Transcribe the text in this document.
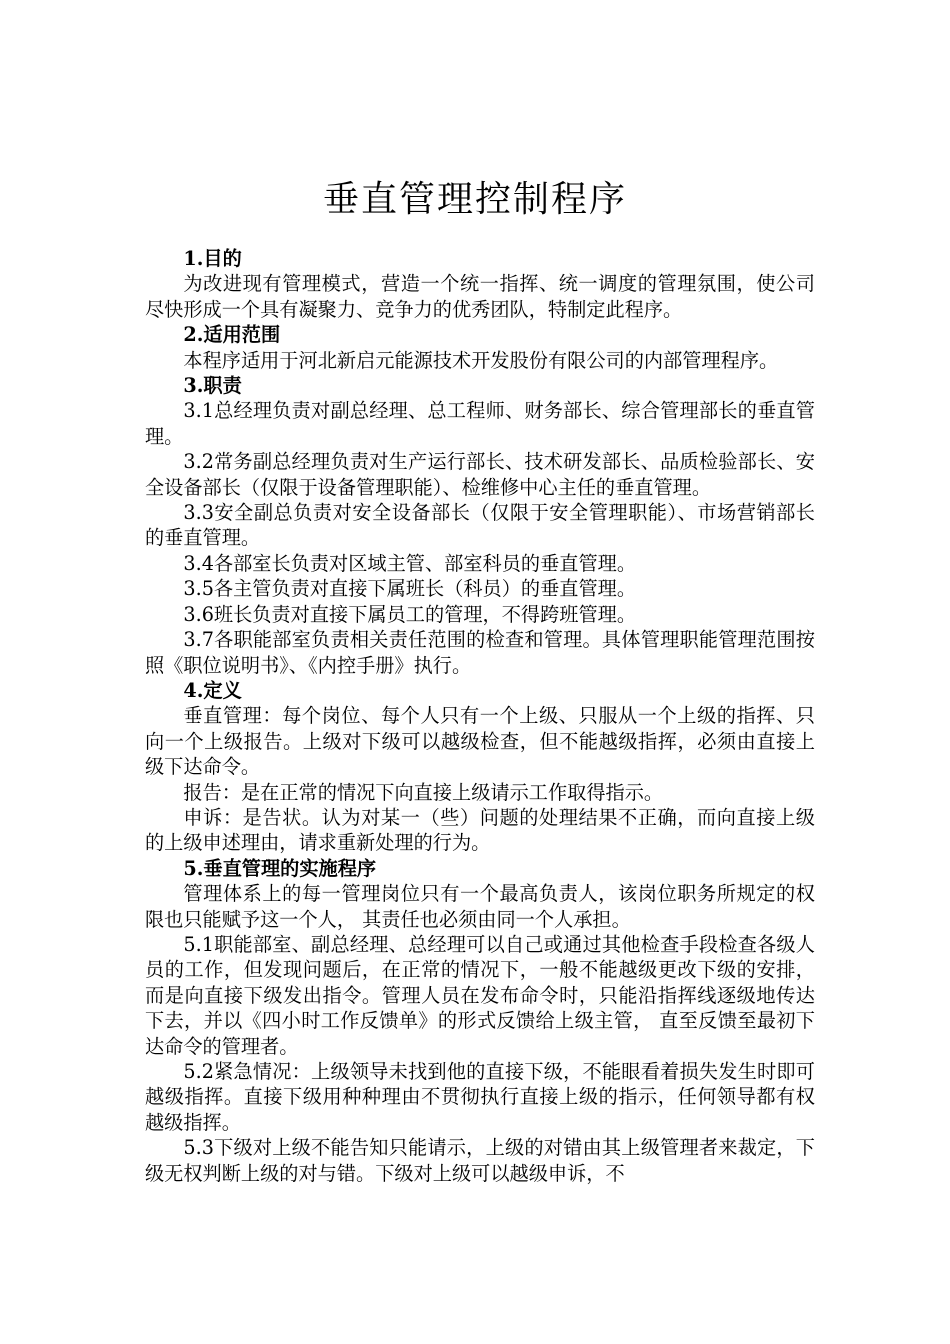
垂直管理控制程序
1.目的

为改进现有管理模式，营造一个统一指挥、统一调度的管理氛围，使公司尽快形成一个具有凝聚力、竞争力的优秀团队，特制定此程序。

2.适用范围

本程序适用于河北新启元能源技术开发股份有限公司的内部管理程序。

3.职责

3.1总经理负责对副总经理、总工程师、财务部长、综合管理部长的垂直管理。

3.2常务副总经理负责对生产运行部长、技术研发部长、品质检验部长、安全设备部长（仅限于设备管理职能）、检维修中心主任的垂直管理。

3.3安全副总负责对安全设备部长（仅限于安全管理职能）、市场营销部长的垂直管理。

3.4各部室长负责对区域主管、部室科员的垂直管理。

3.5各主管负责对直接下属班长（科员）的垂直管理。

3.6班长负责对直接下属员工的管理，不得跨班管理。

3.7各职能部室负责相关责任范围的检查和管理。具体管理职能管理范围按照《职位说明书》、《内控手册》执行。

4.定义

垂直管理：每个岗位、每个人只有一个上级、只服从一个上级的指挥、只向一个上级报告。上级对下级可以越级检查，但不能越级指挥，必须由直接上级下达命令。

报告：是在正常的情况下向直接上级请示工作取得指示。

申诉：是告状。认为对某一（些）问题的处理结果不正确，而向直接上级的上级申述理由，请求重新处理的行为。

5.垂直管理的实施程序

管理体系上的每一管理岗位只有一个最高负责人，该岗位职务所规定的权限也只能赋予这一个人， 其责任也必须由同一个人承担。

5.1职能部室、副总经理、总经理可以自己或通过其他检查手段检查各级人员的工作，但发现问题后，在正常的情况下，一般不能越级更改下级的安排，而是向直接下级发出指令。管理人员在发布命令时，只能沿指挥线逐级地传达下去，并以《四小时工作反馈单》的形式反馈给上级主管， 直至反馈至最初下达命令的管理者。

5.2紧急情况：上级领导未找到他的直接下级，不能眼看着损失发生时即可越级指挥。直接下级用种种理由不贯彻执行直接上级的指示，任何领导都有权越级指挥。

5.3下级对上级不能告知只能请示，上级的对错由其上级管理者来裁定，下级无权判断上级的对与错。下级对上级可以越级申诉，不
